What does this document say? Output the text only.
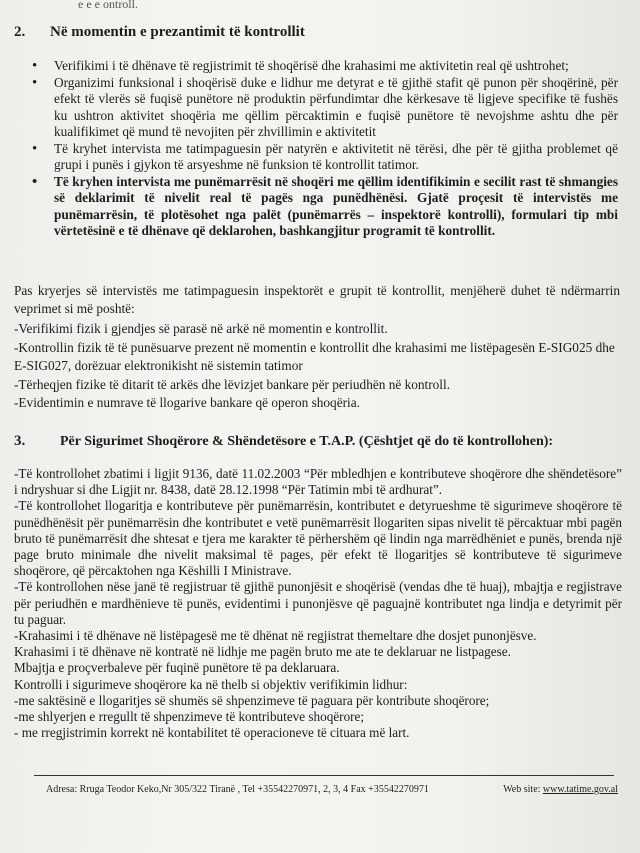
e e e ontroll.
2. Në momentin e prezantimit të kontrollit
• Verifikimi i të dhënave të regjistrimit të shoqërisë dhe krahasimi me aktivitetin real që ushtrohet;
• Organizimi funksional i shoqërisë duke e lidhur me detyrat e të gjithë stafit që punon për shoqërinë, për efekt të vlerës së fuqisë punëtore në produktin përfundimtar dhe kërkesave të ligjeve specifike të fushës ku ushtron aktivitet shoqëria me qëllim përcaktimin e fuqisë punëtore të nevojshme ashtu dhe për kualifikimet që mund të nevojiten për zhvillimin e aktivitetit
• Të kryhet intervista me tatimpaguesin për natyrën e aktivitetit në tërësi, dhe për të gjitha problemet që grupi i punës i gjykon të arsyeshme në funksion të kontrollit tatimor.
• Të kryhen intervista me punëmarrësit në shoqëri me qëllim identifikimin e secilit rast të shmangies së deklarimit të nivelit real të pagës nga punëdhënësi. Gjatë proçesit të intervistës me punëmarrësin, të plotësohet nga palët (punëmarrës – inspektorë kontrolli), formulari tip mbi vërtetësinë e të dhënave që deklarohen, bashkangjitur programit të kontrollit.

Pas kryerjes së intervistës me tatimpaguesin inspektorët e grupit të kontrollit, menjëherë duhet të ndërmarrin veprimet si më poshtë:

-Verifikimi fizik i gjendjes së parasë në arkë në momentin e kontrollit.
-Kontrollin fizik të të punësuarve prezent në momentin e kontrollit dhe krahasimi me listëpagesën E-SIG025 dhe E-SIG027, dorëzuar elektronikisht në sistemin tatimor
-Tërheqjen fizike të ditarit të arkës dhe lëvizjet bankare për periudhën në kontroll.
-Evidentimin e numrave të llogarive bankare që operon shoqëria.
3. Për Sigurimet Shoqërore & Shëndetësore e T.A.P. (Çështjet që do të kontrollohen):
-Të kontrollohet zbatimi i ligjit 9136, datë 11.02.2003 “Për mbledhjen e kontributeve shoqërore dhe shëndetësore” i ndryshuar si dhe Ligjit nr. 8438, datë 28.12.1998 “Për Tatimin mbi të ardhurat”.
-Të kontrollohet llogaritja e kontributeve për punëmarrësin, kontributet e detyrueshme të sigurimeve shoqërore të punëdhënësit për punëmarrësin dhe kontributet e vetë punëmarrësit llogariten sipas nivelit të përcaktuar mbi pagën bruto të punëmarrësit dhe shtesat e tjera me karakter të përhershëm që lindin nga marrëdhëniet e punës, brenda një page bruto minimale dhe nivelit maksimal të pages, për efekt të llogaritjes së kontributeve të sigurimeve shoqërore, që përcaktohen nga Këshilli I Ministrave.
-Të kontrollohen nëse janë të regjistruar të gjithë punonjësit e shoqërisë (vendas dhe të huaj), mbajtja e regjistrave për periudhën e mardhënieve të punës, evidentimi i punonjësve që paguajnë kontributet nga lindja e detyrimit për tu paguar.
-Krahasimi i të dhënave në listëpagesë me të dhënat në regjistrat themeltare dhe dosjet punonjësve.
Krahasimi i të dhënave në kontratë në lidhje me pagën bruto me ate te deklaruar ne listpagese.
Mbajtja e proçverbaleve për fuqinë punëtore të pa deklaruara.
Kontrolli i sigurimeve shoqërore ka në thelb si objektiv verifikimin lidhur:
-me saktësinë e llogaritjes së shumës së shpenzimeve të paguara për kontribute shoqërore;
-me shlyerjen e rregullt të shpenzimeve të kontributeve shoqërore;
- me rregjistrimin korrekt në kontabilitet të operacioneve të cituara më lart.
Adresa: Rruga Teodor Keko,Nr 305/322 Tiranë , Tel +35542270971, 2, 3, 4 Fax +35542270971	Web site: www.tatime.gov.al
